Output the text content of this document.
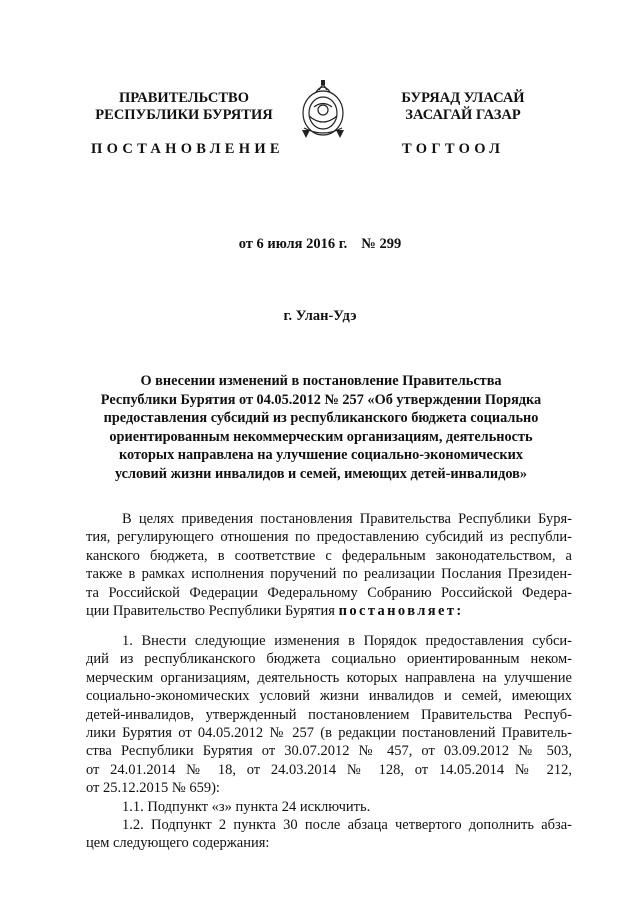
ПРАВИТЕЛЬСТВО
РЕСПУБЛИКИ БУРЯТИЯ
БУРЯАД УЛАСАЙ
ЗАСАГАЙ ГАЗАР
ПОСТАНОВЛЕНИЕ	ТОГТООЛ
от 6 июля 2016 г. № 299
г. Улан-Удэ
О внесении изменений в постановление Правительства
Республики Бурятия от 04.05.2012 № 257 «Об утверждении Порядка
предоставления субсидий из республиканского бюджета социально
ориентированным некоммерческим организациям, деятельность
которых направлена на улучшение социально-экономических
условий жизни инвалидов и семей, имеющих детей-инвалидов»
В целях приведения постановления Правительства Республики Буря-
тия, регулирующего отношения по предоставлению субсидий из республи-
канского бюджета, в соответствие с федеральным законодательством, а
также в рамках исполнения поручений по реализации Послания Президен-
та Российской Федерации Федеральному Собранию Российской Федера-
ции Правительство Республики Бурятия постановляет:
1. Внести следующие изменения в Порядок предоставления субси-
дий из республиканского бюджета социально ориентированным неком-
мерческим организациям, деятельность которых направлена на улучшение
социально-экономических условий жизни инвалидов и семей, имеющих
детей-инвалидов, утвержденный постановлением Правительства Респуб-
лики Бурятия от 04.05.2012 № 257 (в редакции постановлений Правитель-
ства Республики Бурятия от 30.07.2012 № 457, от 03.09.2012 № 503,
от 24.01.2014 № 18, от 24.03.2014 № 128, от 14.05.2014 № 212,
от 25.12.2015 № 659):
1.1. Подпункт «з» пункта 24 исключить.
1.2. Подпункт 2 пункта 30 после абзаца четвертого дополнить абза-
цем следующего содержания:
